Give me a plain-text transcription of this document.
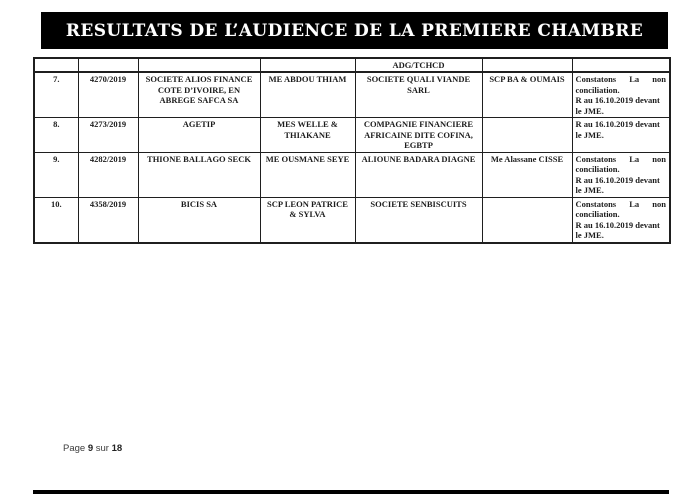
RESULTATS DE L’AUDIENCE DE LA PREMIERE CHAMBRE
				ADG/TCHCD		
7.	4270/2019	SOCIETE ALIOS FINANCE COTE D’IVOIRE, EN ABREGE SAFCA SA	ME ABDOU THIAM	SOCIETE QUALI VIANDE SARL	SCP BA & OUMAIS	Constatons La non conciliation.
R au 16.10.2019 devant le JME.

8.	4273/2019	AGETIP	MES WELLE & THIAKANE	COMPAGNIE FINANCIERE AFRICAINE DITE COFINA, EGBTP		R au 16.10.2019 devant le JME.

9.	4282/2019	THIONE BALLAGO SECK	ME OUSMANE SEYE	ALIOUNE BADARA DIAGNE	Me Alassane CISSE	Constatons La non conciliation.
R au 16.10.2019 devant le JME.

10.	4358/2019	BICIS SA	SCP LEON PATRICE & SYLVA	SOCIETE SENBISCUITS		Constatons La non conciliation.
R au 16.10.2019 devant le JME.
Page 9 sur 18
